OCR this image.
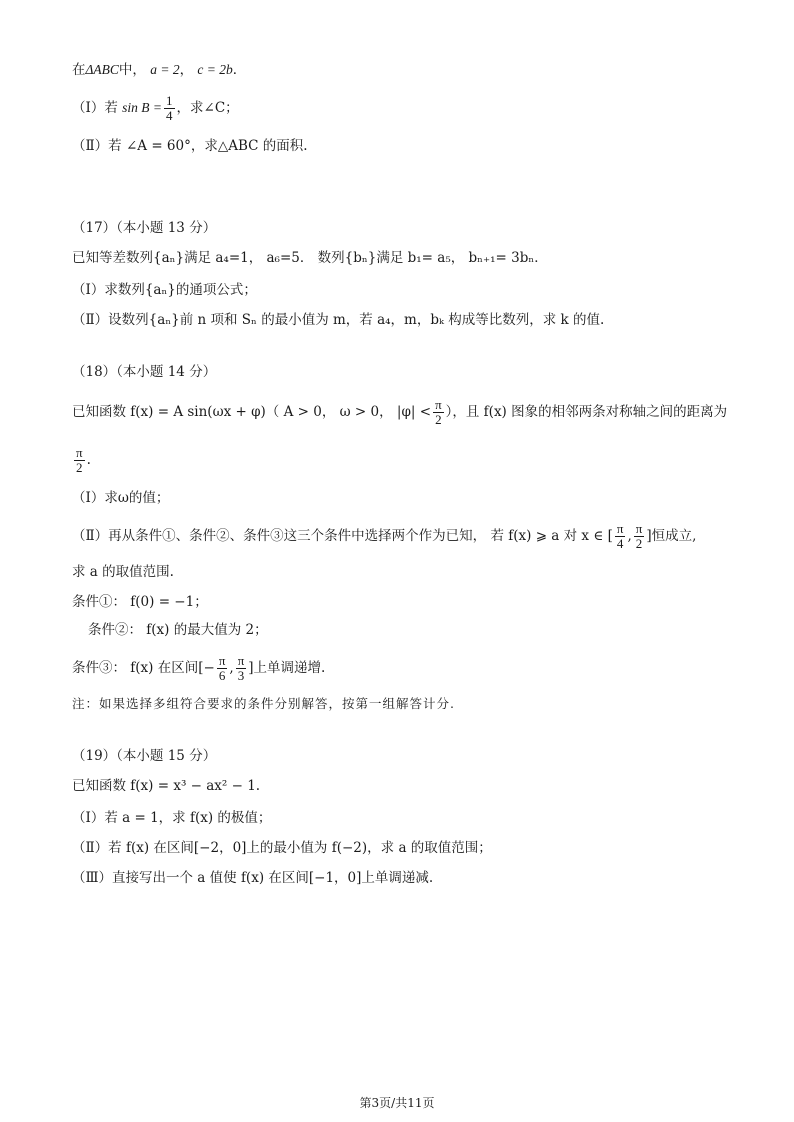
在ΔABC中， a = 2， c = 2b．
（Ⅰ）若 $\sin B = \frac{1}{4}$ ，求∠C；
（Ⅱ）若 ∠A = 60°，求△ABC 的面积.
（17）（本小题 13 分）
已知等差数列{aₙ}满足 a₄=1， a₆=5． 数列{bₙ}满足 b₁= a₅， bₙ₊₁= 3bₙ．
（Ⅰ）求数列{aₙ}的通项公式；
（Ⅱ）设数列{aₙ}前 n 项和 Sₙ 的最小值为 m，若 a₄，m，bₖ 构成等比数列，求 k 的值.
（18）（本小题 14 分）
已知函数 f(x) = A sin(ωx + φ)（ A > 0， ω > 0， $|\varphi| < \frac{\pi}{2}$ ），且 f(x) 图象的相邻两条对称轴之间的距离为
$\frac{\pi}{2}$ .
（Ⅰ）求ω的值；
（Ⅱ）再从条件①、条件②、条件③这三个条件中选择两个作为已知， 若 f(x) ⩾ a 对 x ∈ [ $\frac{\pi}{4}$ , $\frac{\pi}{2}$ ]恒成立,
求 a 的取值范围.
条件①： f(0) = −1；
条件②： f(x) 的最大值为 2；
条件③： f(x) 在区间[− $\frac{\pi}{6}$ , $\frac{\pi}{3}$ ]上单调递增.
注：如果选择多组符合要求的条件分别解答，按第一组解答计分.
（19）（本小题 15 分）
已知函数 f(x) = x³ − ax² − 1.
（Ⅰ）若 a = 1，求 f(x) 的极值；
（Ⅱ）若 f(x) 在区间[−2，0]上的最小值为 f(−2)，求 a 的取值范围；
（Ⅲ）直接写出一个 a 值使 f(x) 在区间[−1，0]上单调递减.
第3页/共11页
